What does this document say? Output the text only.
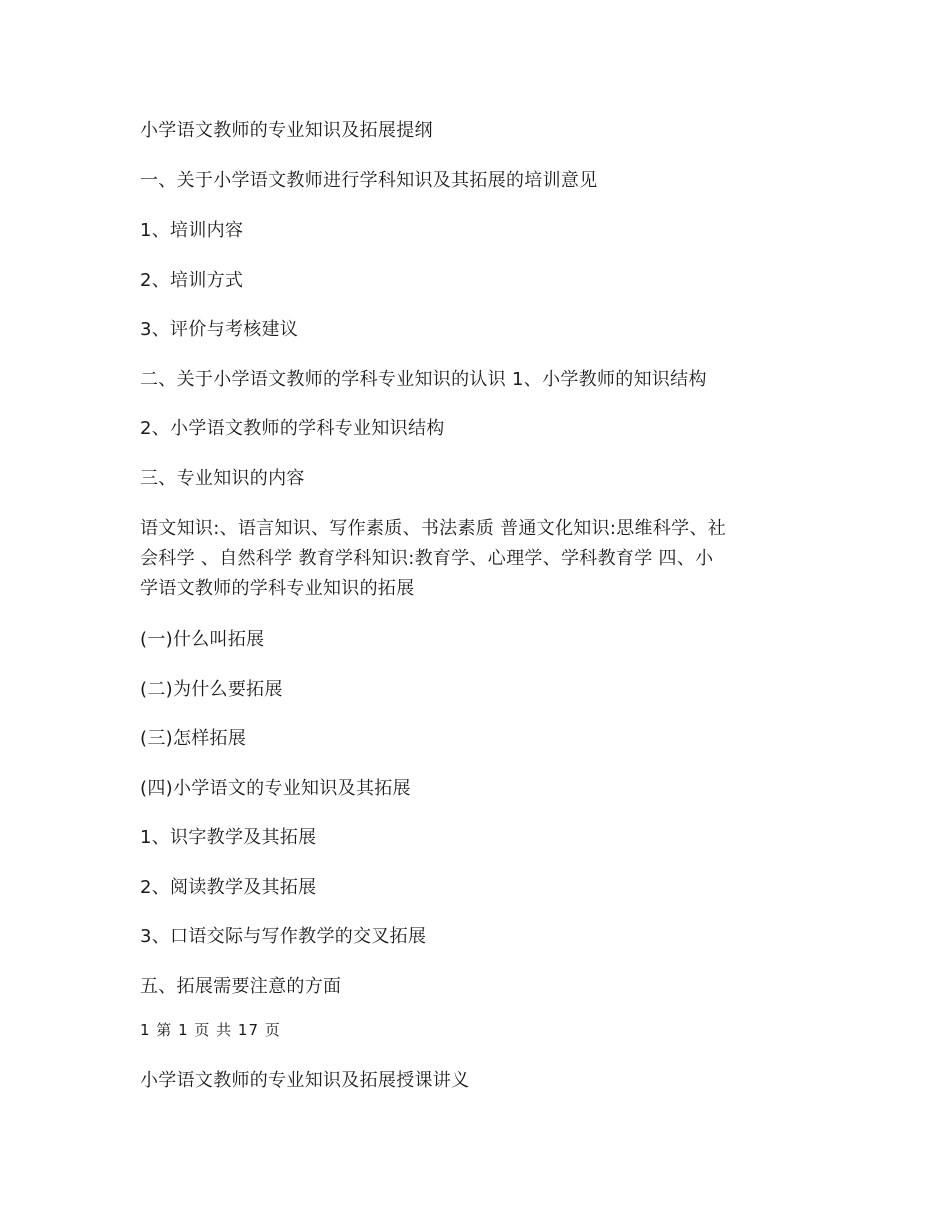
小学语文教师的专业知识及拓展提纲
一、关于小学语文教师进行学科知识及其拓展的培训意见
1、培训内容
2、培训方式
3、评价与考核建议
二、关于小学语文教师的学科专业知识的认识 1、小学教师的知识结构
2、小学语文教师的学科专业知识结构
三、专业知识的内容
语文知识:、语言知识、写作素质、书法素质 普通文化知识:思维科学、社
会科学 、自然科学 教育学科知识:教育学、心理学、学科教育学 四、小
学语文教师的学科专业知识的拓展
(一)什么叫拓展
(二)为什么要拓展
(三)怎样拓展
(四)小学语文的专业知识及其拓展
1、识字教学及其拓展
2、阅读教学及其拓展
3、口语交际与写作教学的交叉拓展
五、拓展需要注意的方面
1 第 1 页 共 17 页
小学语文教师的专业知识及拓展授课讲义
